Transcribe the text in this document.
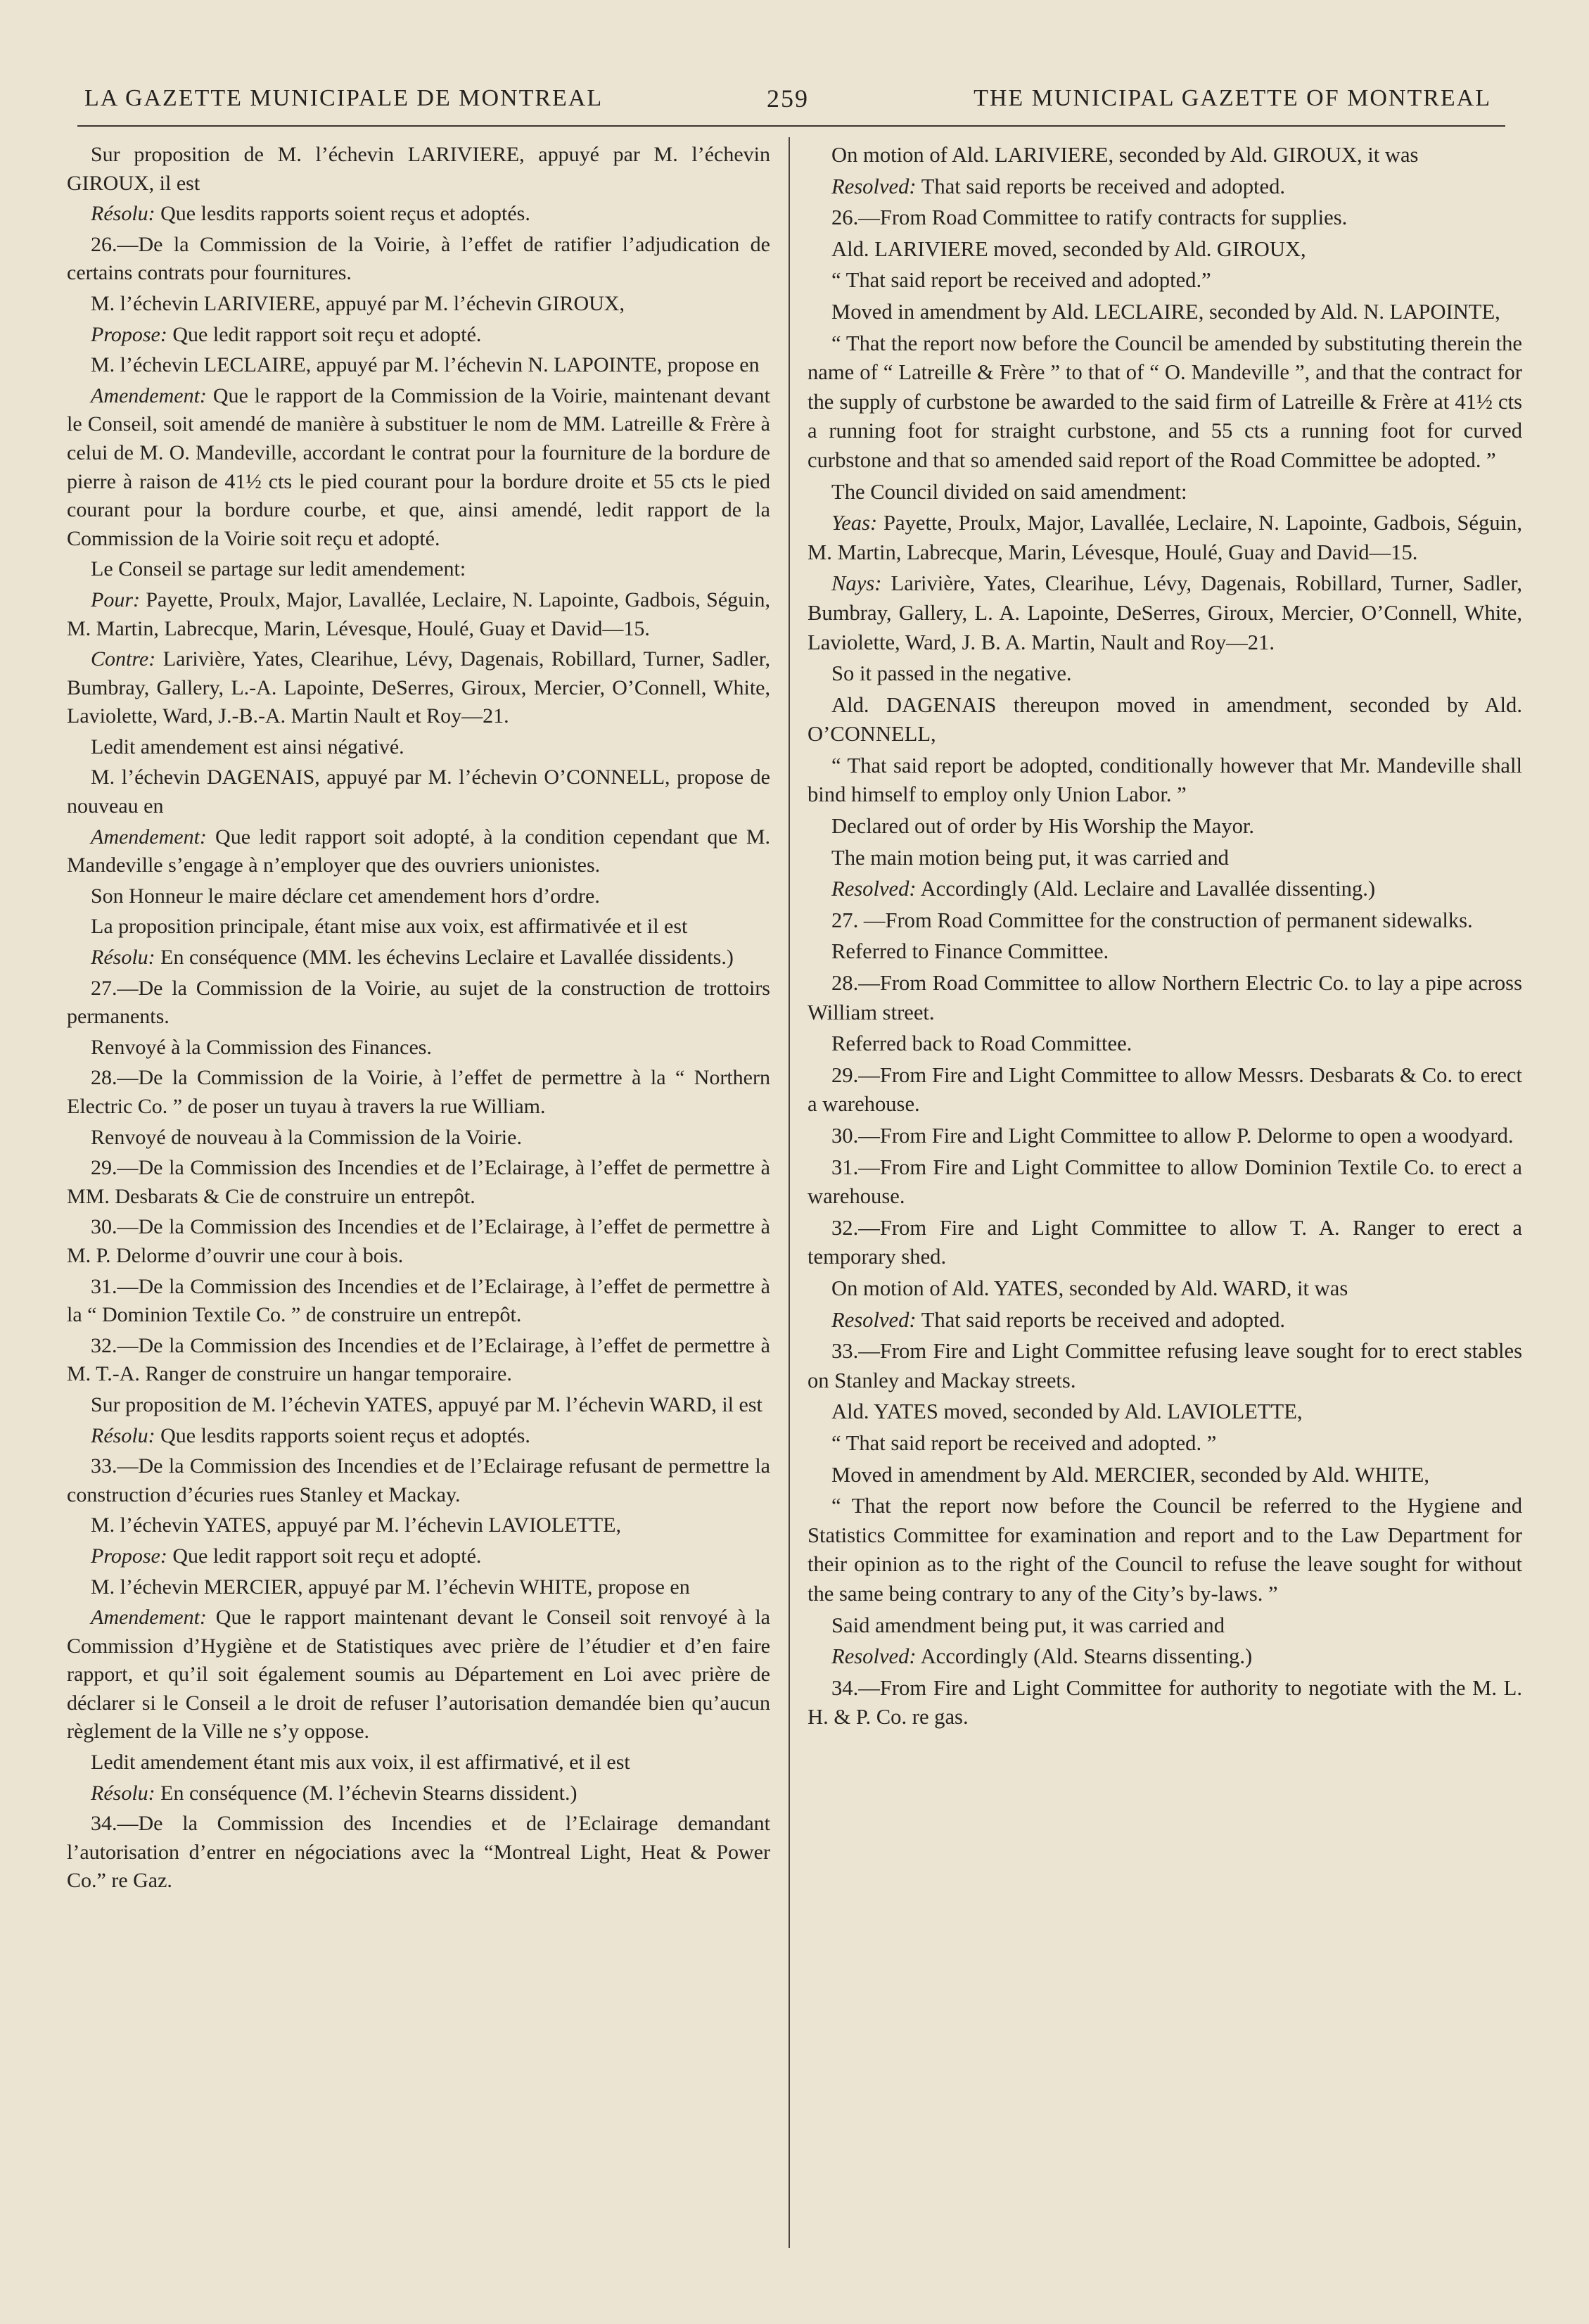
LA GAZETTE MUNICIPALE DE MONTREAL	259	THE MUNICIPAL GAZETTE OF MONTREAL

Sur proposition de M. l’échevin LARIVIERE, appuyé par M. l’échevin GIROUX, il est

Résolu: Que lesdits rapports soient reçus et adoptés.

26.—De la Commission de la Voirie, à l’effet de ratifier l’adjudication de certains contrats pour fournitures.

M. l’échevin LARIVIERE, appuyé par M. l’échevin GIROUX,

Propose: Que ledit rapport soit reçu et adopté.

M. l’échevin LECLAIRE, appuyé par M. l’échevin N. LAPOINTE, propose en

Amendement: Que le rapport de la Commission de la Voirie, maintenant devant le Conseil, soit amendé de manière à substituer le nom de MM. Latreille & Frère à celui de M. O. Mandeville, accordant le contrat pour la fourniture de la bordure de pierre à raison de 41½ cts le pied courant pour la bordure droite et 55 cts le pied courant pour la bordure courbe, et que, ainsi amendé, ledit rapport de la Commission de la Voirie soit reçu et adopté.

Le Conseil se partage sur ledit amendement:

Pour: Payette, Proulx, Major, Lavallée, Leclaire, N. Lapointe, Gadbois, Séguin, M. Martin, Labrecque, Marin, Lévesque, Houlé, Guay et David—15.

Contre: Larivière, Yates, Clearihue, Lévy, Dagenais, Robillard, Turner, Sadler, Bumbray, Gallery, L.-A. Lapointe, DeSerres, Giroux, Mercier, O’Connell, White, Laviolette, Ward, J.-B.-A. Martin Nault et Roy—21.

Ledit amendement est ainsi négativé.

M. l’échevin DAGENAIS, appuyé par M. l’échevin O’CONNELL, propose de nouveau en

Amendement: Que ledit rapport soit adopté, à la condition cependant que M. Mandeville s’engage à n’employer que des ouvriers unionistes.

Son Honneur le maire déclare cet amendement hors d’ordre.

La proposition principale, étant mise aux voix, est affirmativée et il est

Résolu: En conséquence (MM. les échevins Leclaire et Lavallée dissidents.)

27.—De la Commission de la Voirie, au sujet de la construction de trottoirs permanents.

Renvoyé à la Commission des Finances.

28.—De la Commission de la Voirie, à l’effet de permettre à la “ Northern Electric Co. ” de poser un tuyau à travers la rue William.

Renvoyé de nouveau à la Commission de la Voirie.

29.—De la Commission des Incendies et de l’Eclairage, à l’effet de permettre à MM. Desbarats & Cie de construire un entrepôt.

30.—De la Commission des Incendies et de l’Eclairage, à l’effet de permettre à M. P. Delorme d’ouvrir une cour à bois.

31.—De la Commission des Incendies et de l’Eclairage, à l’effet de permettre à la “ Dominion Textile Co. ” de construire un entrepôt.

32.—De la Commission des Incendies et de l’Eclairage, à l’effet de permettre à M. T.-A. Ranger de construire un hangar temporaire.

Sur proposition de M. l’échevin YATES, appuyé par M. l’échevin WARD, il est

Résolu: Que lesdits rapports soient reçus et adoptés.

33.—De la Commission des Incendies et de l’Eclairage refusant de permettre la construction d’écuries rues Stanley et Mackay.

M. l’échevin YATES, appuyé par M. l’échevin LAVIOLETTE,

Propose: Que ledit rapport soit reçu et adopté.

M. l’échevin MERCIER, appuyé par M. l’échevin WHITE, propose en

Amendement: Que le rapport maintenant devant le Conseil soit renvoyé à la Commission d’Hygiène et de Statistiques avec prière de l’étudier et d’en faire rapport, et qu’il soit également soumis au Département en Loi avec prière de déclarer si le Conseil a le droit de refuser l’autorisation demandée bien qu’aucun règlement de la Ville ne s’y oppose.

Ledit amendement étant mis aux voix, il est affirmativé, et il est

Résolu: En conséquence (M. l’échevin Stearns dissident.)

34.—De la Commission des Incendies et de l’Eclairage demandant l’autorisation d’entrer en négociations avec la “Montreal Light, Heat & Power Co.” re Gaz.

On motion of Ald. LARIVIERE, seconded by Ald. GIROUX, it was

Resolved: That said reports be received and adopted.

26.—From Road Committee to ratify contracts for supplies.

Ald. LARIVIERE moved, seconded by Ald. GIROUX,

“ That said report be received and adopted.”

Moved in amendment by Ald. LECLAIRE, seconded by Ald. N. LAPOINTE,

“ That the report now before the Council be amended by substituting therein the name of “ Latreille & Frère ” to that of “ O. Mandeville ”, and that the contract for the supply of curbstone be awarded to the said firm of Latreille & Frère at 41½ cts a running foot for straight curbstone, and 55 cts a running foot for curved curbstone and that so amended said report of the Road Committee be adopted. ”

The Council divided on said amendment:

Yeas: Payette, Proulx, Major, Lavallée, Leclaire, N. Lapointe, Gadbois, Séguin, M. Martin, Labrecque, Marin, Lévesque, Houlé, Guay and David—15.

Nays: Larivière, Yates, Clearihue, Lévy, Dagenais, Robillard, Turner, Sadler, Bumbray, Gallery, L. A. Lapointe, DeSerres, Giroux, Mercier, O’Connell, White, Laviolette, Ward, J. B. A. Martin, Nault and Roy—21.

So it passed in the negative.

Ald. DAGENAIS thereupon moved in amendment, seconded by Ald. O’CONNELL,

“ That said report be adopted, conditionally however that Mr. Mandeville shall bind himself to employ only Union Labor. ”

Declared out of order by His Worship the Mayor.

The main motion being put, it was carried and

Resolved: Accordingly (Ald. Leclaire and Lavallée dissenting.)

27. —From Road Committee for the construction of permanent sidewalks.

Referred to Finance Committee.

28.—From Road Committee to allow Northern Electric Co. to lay a pipe across William street.

Referred back to Road Committee.

29.—From Fire and Light Committee to allow Messrs. Desbarats & Co. to erect a warehouse.

30.—From Fire and Light Committee to allow P. Delorme to open a woodyard.

31.—From Fire and Light Committee to allow Dominion Textile Co. to erect a warehouse.

32.—From Fire and Light Committee to allow T. A. Ranger to erect a temporary shed.

On motion of Ald. YATES, seconded by Ald. WARD, it was

Resolved: That said reports be received and adopted.

33.—From Fire and Light Committee refusing leave sought for to erect stables on Stanley and Mackay streets.

Ald. YATES moved, seconded by Ald. LAVIOLETTE,

“ That said report be received and adopted. ”

Moved in amendment by Ald. MERCIER, seconded by Ald. WHITE,

“ That the report now before the Council be referred to the Hygiene and Statistics Committee for examination and report and to the Law Department for their opinion as to the right of the Council to refuse the leave sought for without the same being contrary to any of the City’s by-laws. ”

Said amendment being put, it was carried and

Resolved: Accordingly (Ald. Stearns dissenting.)

34.—From Fire and Light Committee for authority to negotiate with the M. L. H. & P. Co. re gas.
